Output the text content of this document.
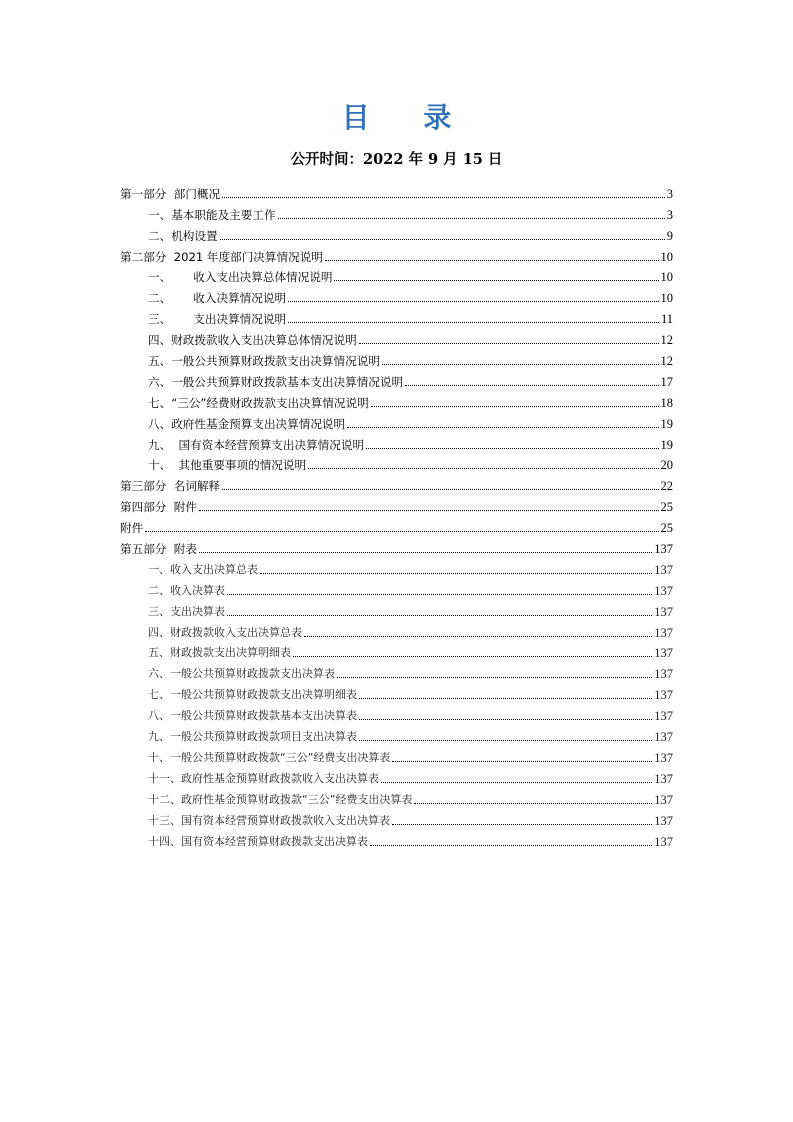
目 录
公开时间：2022 年 9 月 15 日
第一部分  部门概况	3
一、基本职能及主要工作	3
二、机构设置	9
第二部分  2021 年度部门决算情况说明	10
一、      收入支出决算总体情况说明	10
二、      收入决算情况说明	10
三、      支出决算情况说明	11
四、财政拨款收入支出决算总体情况说明	12
五、一般公共预算财政拨款支出决算情况说明	12
六、一般公共预算财政拨款基本支出决算情况说明	17
七、“三公”经费财政拨款支出决算情况说明	18
八、政府性基金预算支出决算情况说明	19
九、  国有资本经营预算支出决算情况说明	19
十、  其他重要事项的情况说明	20
第三部分  名词解释	22
第四部分  附件	25
附件	25
第五部分  附表	137
一、收入支出决算总表	137
二、收入决算表	137
三、支出决算表	137
四、财政拨款收入支出决算总表	137
五、财政拨款支出决算明细表	137
六、一般公共预算财政拨款支出决算表	137
七、一般公共预算财政拨款支出决算明细表	137
八、一般公共预算财政拨款基本支出决算表	137
九、一般公共预算财政拨款项目支出决算表	137
十、一般公共预算财政拨款“三公”经费支出决算表	137
十一、政府性基金预算财政拨款收入支出决算表	137
十二、政府性基金预算财政拨款“三公”经费支出决算表	137
十三、国有资本经营预算财政拨款收入支出决算表	137
十四、国有资本经营预算财政拨款支出决算表	137
